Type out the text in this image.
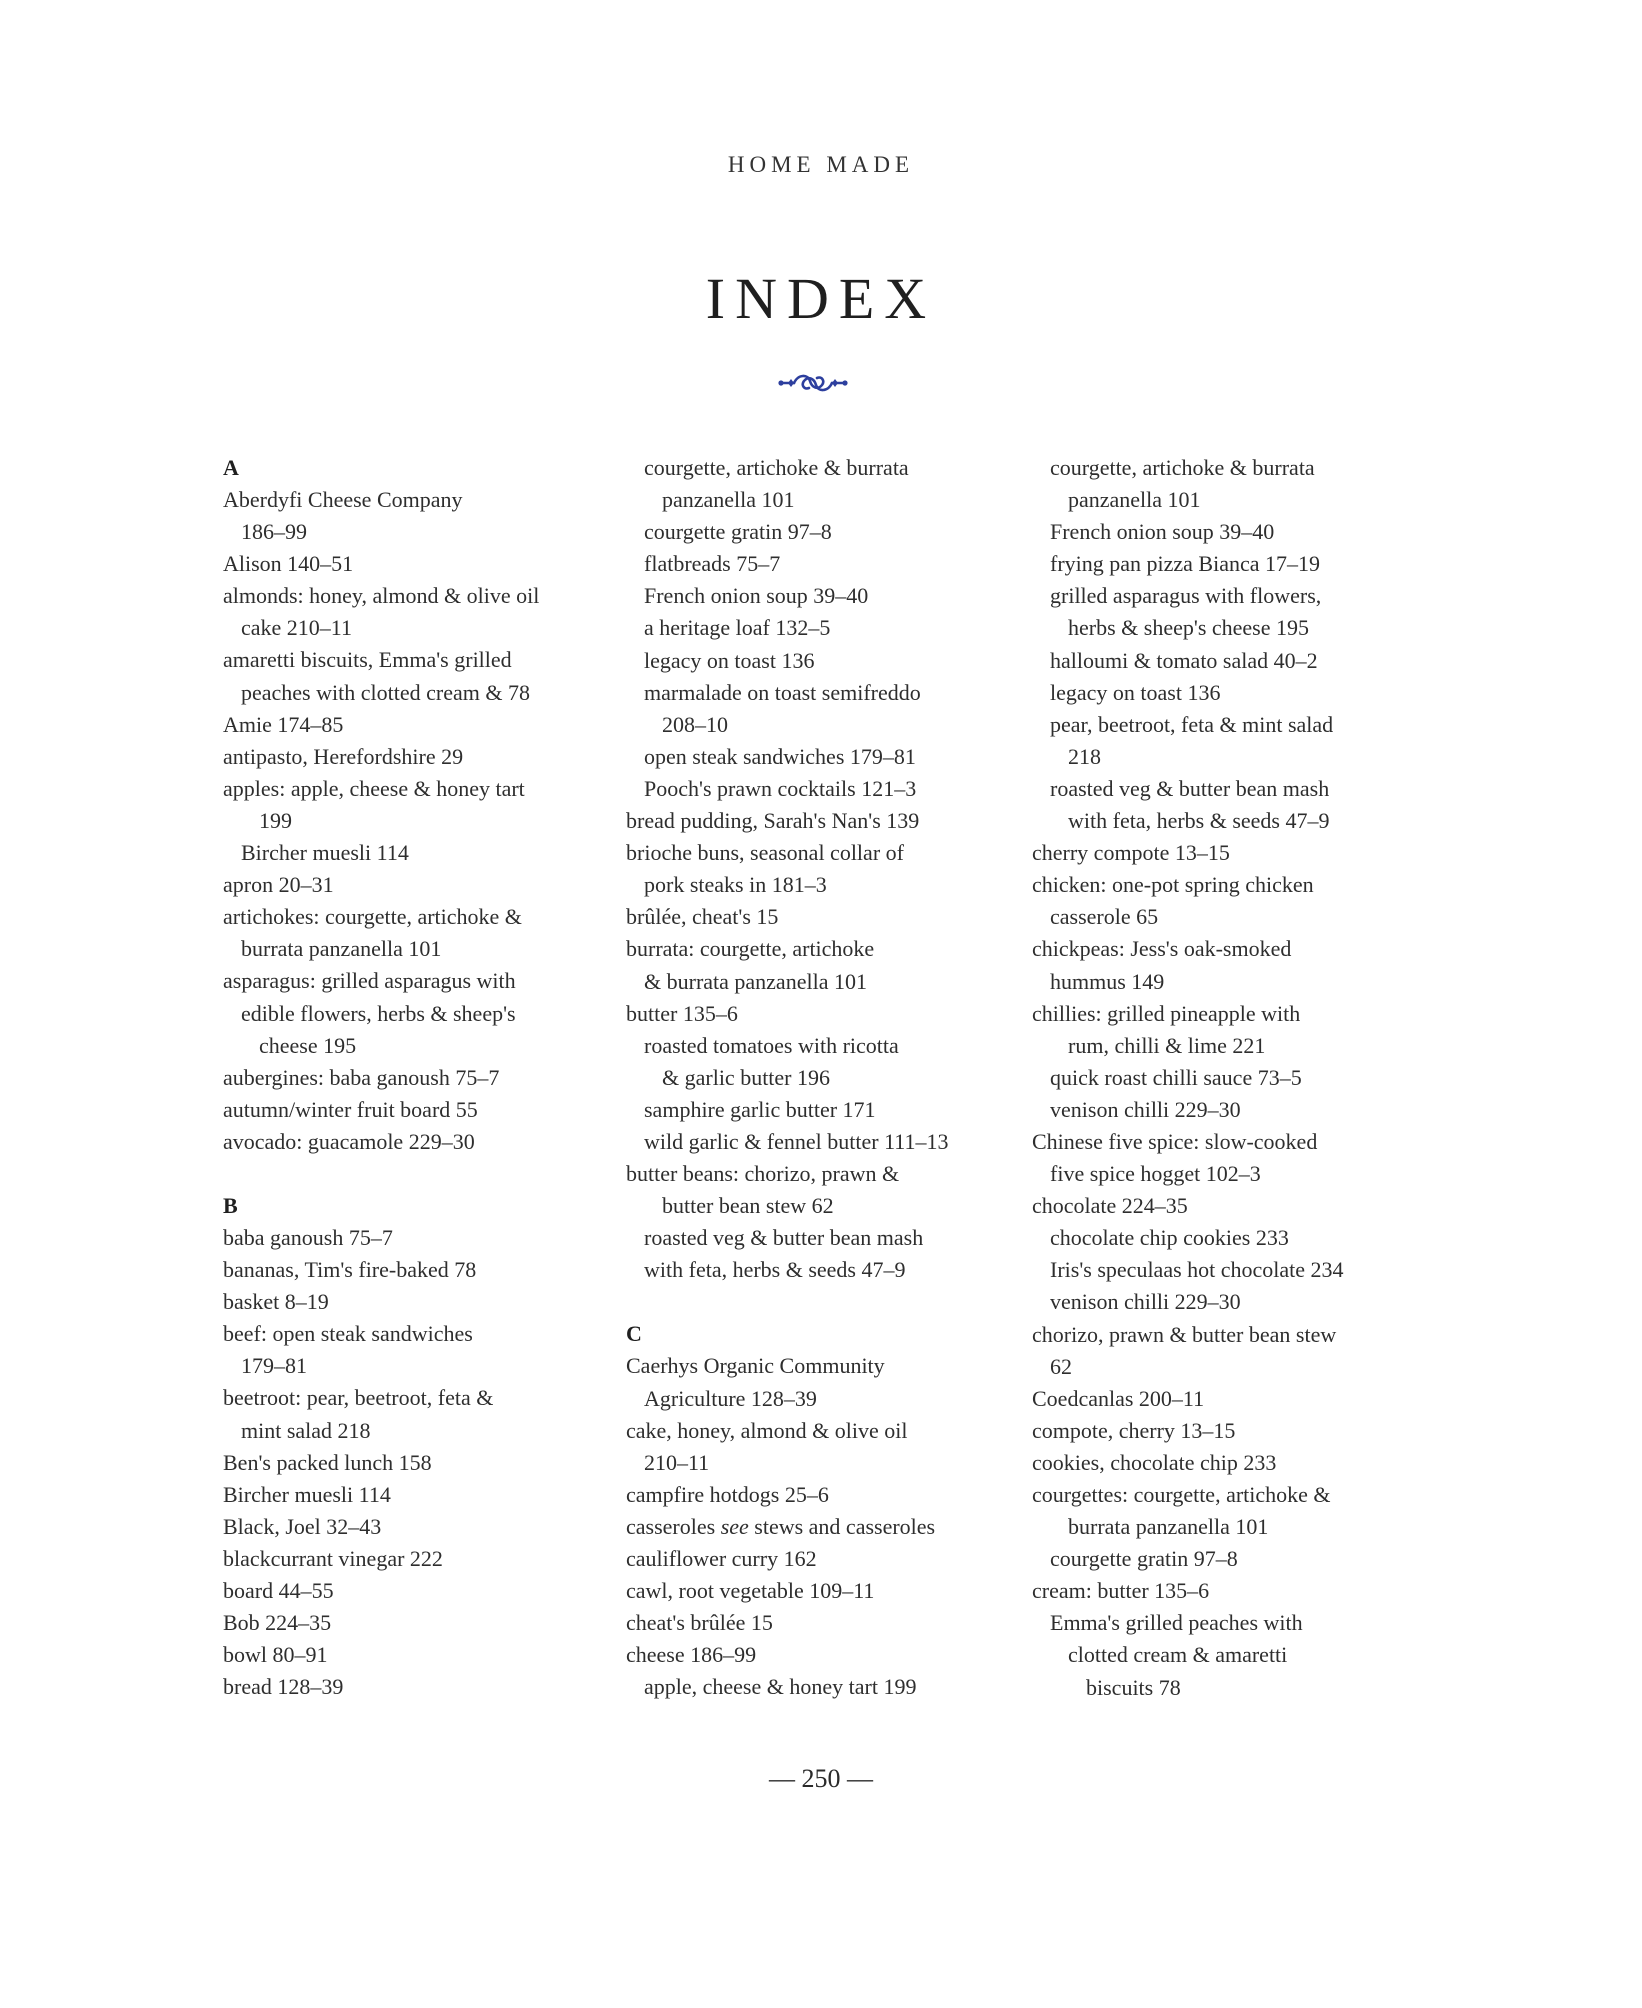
HOME MADE
INDEX
A
Aberdyfi Cheese Company
186–99
Alison 140–51
almonds: honey, almond & olive oil
cake 210–11
amaretti biscuits, Emma's grilled
peaches with clotted cream & 78
Amie 174–85
antipasto, Herefordshire 29
apples: apple, cheese & honey tart
199
Bircher muesli 114
apron 20–31
artichokes: courgette, artichoke &
burrata panzanella 101
asparagus: grilled asparagus with
edible flowers, herbs & sheep's
cheese 195
aubergines: baba ganoush 75–7
autumn/winter fruit board 55
avocado: guacamole 229–30
B
baba ganoush 75–7
bananas, Tim's fire-baked 78
basket 8–19
beef: open steak sandwiches
179–81
beetroot: pear, beetroot, feta &
mint salad 218
Ben's packed lunch 158
Bircher muesli 114
Black, Joel 32–43
blackcurrant vinegar 222
board 44–55
Bob 224–35
bowl 80–91
bread 128–39
courgette, artichoke & burrata
panzanella 101
courgette gratin 97–8
flatbreads 75–7
French onion soup 39–40
a heritage loaf 132–5
legacy on toast 136
marmalade on toast semifreddo
208–10
open steak sandwiches 179–81
Pooch's prawn cocktails 121–3
bread pudding, Sarah's Nan's 139
brioche buns, seasonal collar of
pork steaks in 181–3
brûlée, cheat's 15
burrata: courgette, artichoke
& burrata panzanella 101
butter 135–6
roasted tomatoes with ricotta
& garlic butter 196
samphire garlic butter 171
wild garlic & fennel butter 111–13
butter beans: chorizo, prawn &
butter bean stew 62
roasted veg & butter bean mash
with feta, herbs & seeds 47–9
C
Caerhys Organic Community
Agriculture 128–39
cake, honey, almond & olive oil
210–11
campfire hotdogs 25–6
casseroles see stews and casseroles
cauliflower curry 162
cawl, root vegetable 109–11
cheat's brûlée 15
cheese 186–99
apple, cheese & honey tart 199
courgette, artichoke & burrata
panzanella 101
French onion soup 39–40
frying pan pizza Bianca 17–19
grilled asparagus with flowers,
herbs & sheep's cheese 195
halloumi & tomato salad 40–2
legacy on toast 136
pear, beetroot, feta & mint salad
218
roasted veg & butter bean mash
with feta, herbs & seeds 47–9
cherry compote 13–15
chicken: one-pot spring chicken
casserole 65
chickpeas: Jess's oak-smoked
hummus 149
chillies: grilled pineapple with
rum, chilli & lime 221
quick roast chilli sauce 73–5
venison chilli 229–30
Chinese five spice: slow-cooked
five spice hogget 102–3
chocolate 224–35
chocolate chip cookies 233
Iris's speculaas hot chocolate 234
venison chilli 229–30
chorizo, prawn & butter bean stew
62
Coedcanlas 200–11
compote, cherry 13–15
cookies, chocolate chip 233
courgettes: courgette, artichoke &
burrata panzanella 101
courgette gratin 97–8
cream: butter 135–6
Emma's grilled peaches with
clotted cream & amaretti
biscuits 78
— 250 —
